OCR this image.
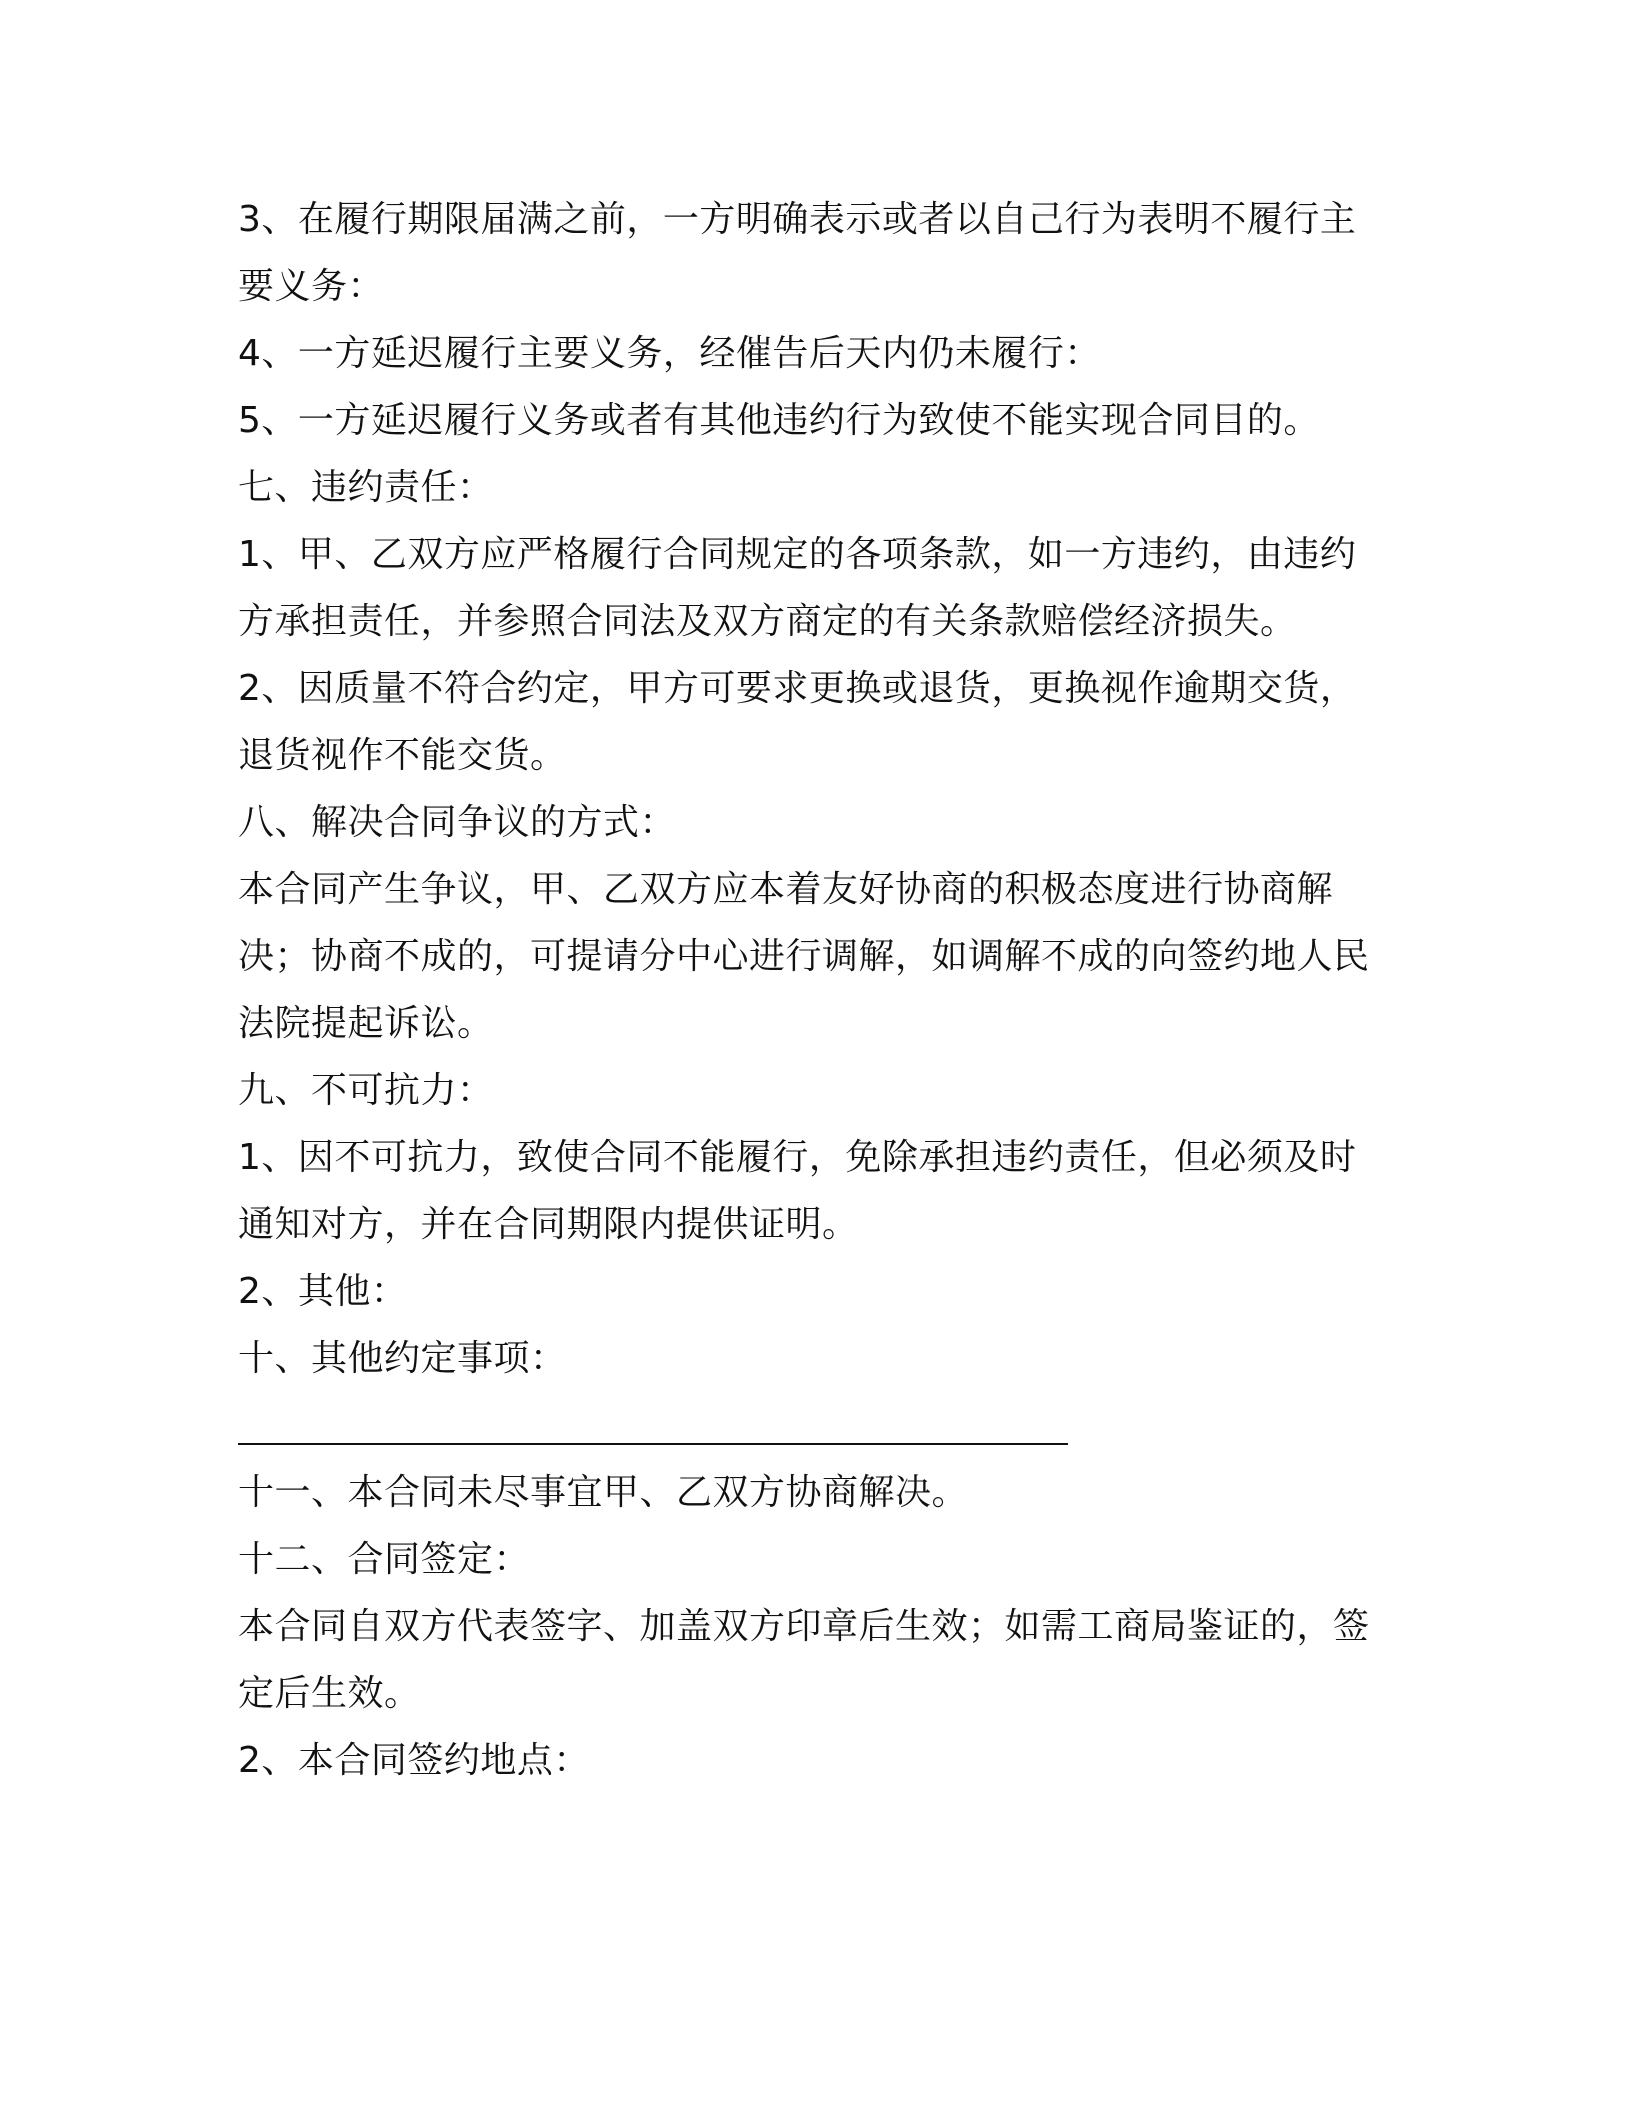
3、在履行期限届满之前，一方明确表示或者以自己行为表明不履行主要义务：

4、一方延迟履行主要义务，经催告后天内仍未履行：

5、一方延迟履行义务或者有其他违约行为致使不能实现合同目的。

七、违约责任：

1、甲、乙双方应严格履行合同规定的各项条款，如一方违约，由违约方承担责任，并参照合同法及双方商定的有关条款赔偿经济损失。

2、因质量不符合约定，甲方可要求更换或退货，更换视作逾期交货，退货视作不能交货。

八、解决合同争议的方式：

本合同产生争议，甲、乙双方应本着友好协商的积极态度进行协商解决；协商不成的，可提请分中心进行调解，如调解不成的向签约地人民法院提起诉讼。

九、不可抗力：

1、因不可抗力，致使合同不能履行，免除承担违约责任，但必须及时通知对方，并在合同期限内提供证明。

2、其他：

十、其他约定事项：

十一、本合同未尽事宜甲、乙双方协商解决。

十二、合同签定：

本合同自双方代表签字、加盖双方印章后生效；如需工商局鉴证的，签定后生效。

2、本合同签约地点：
